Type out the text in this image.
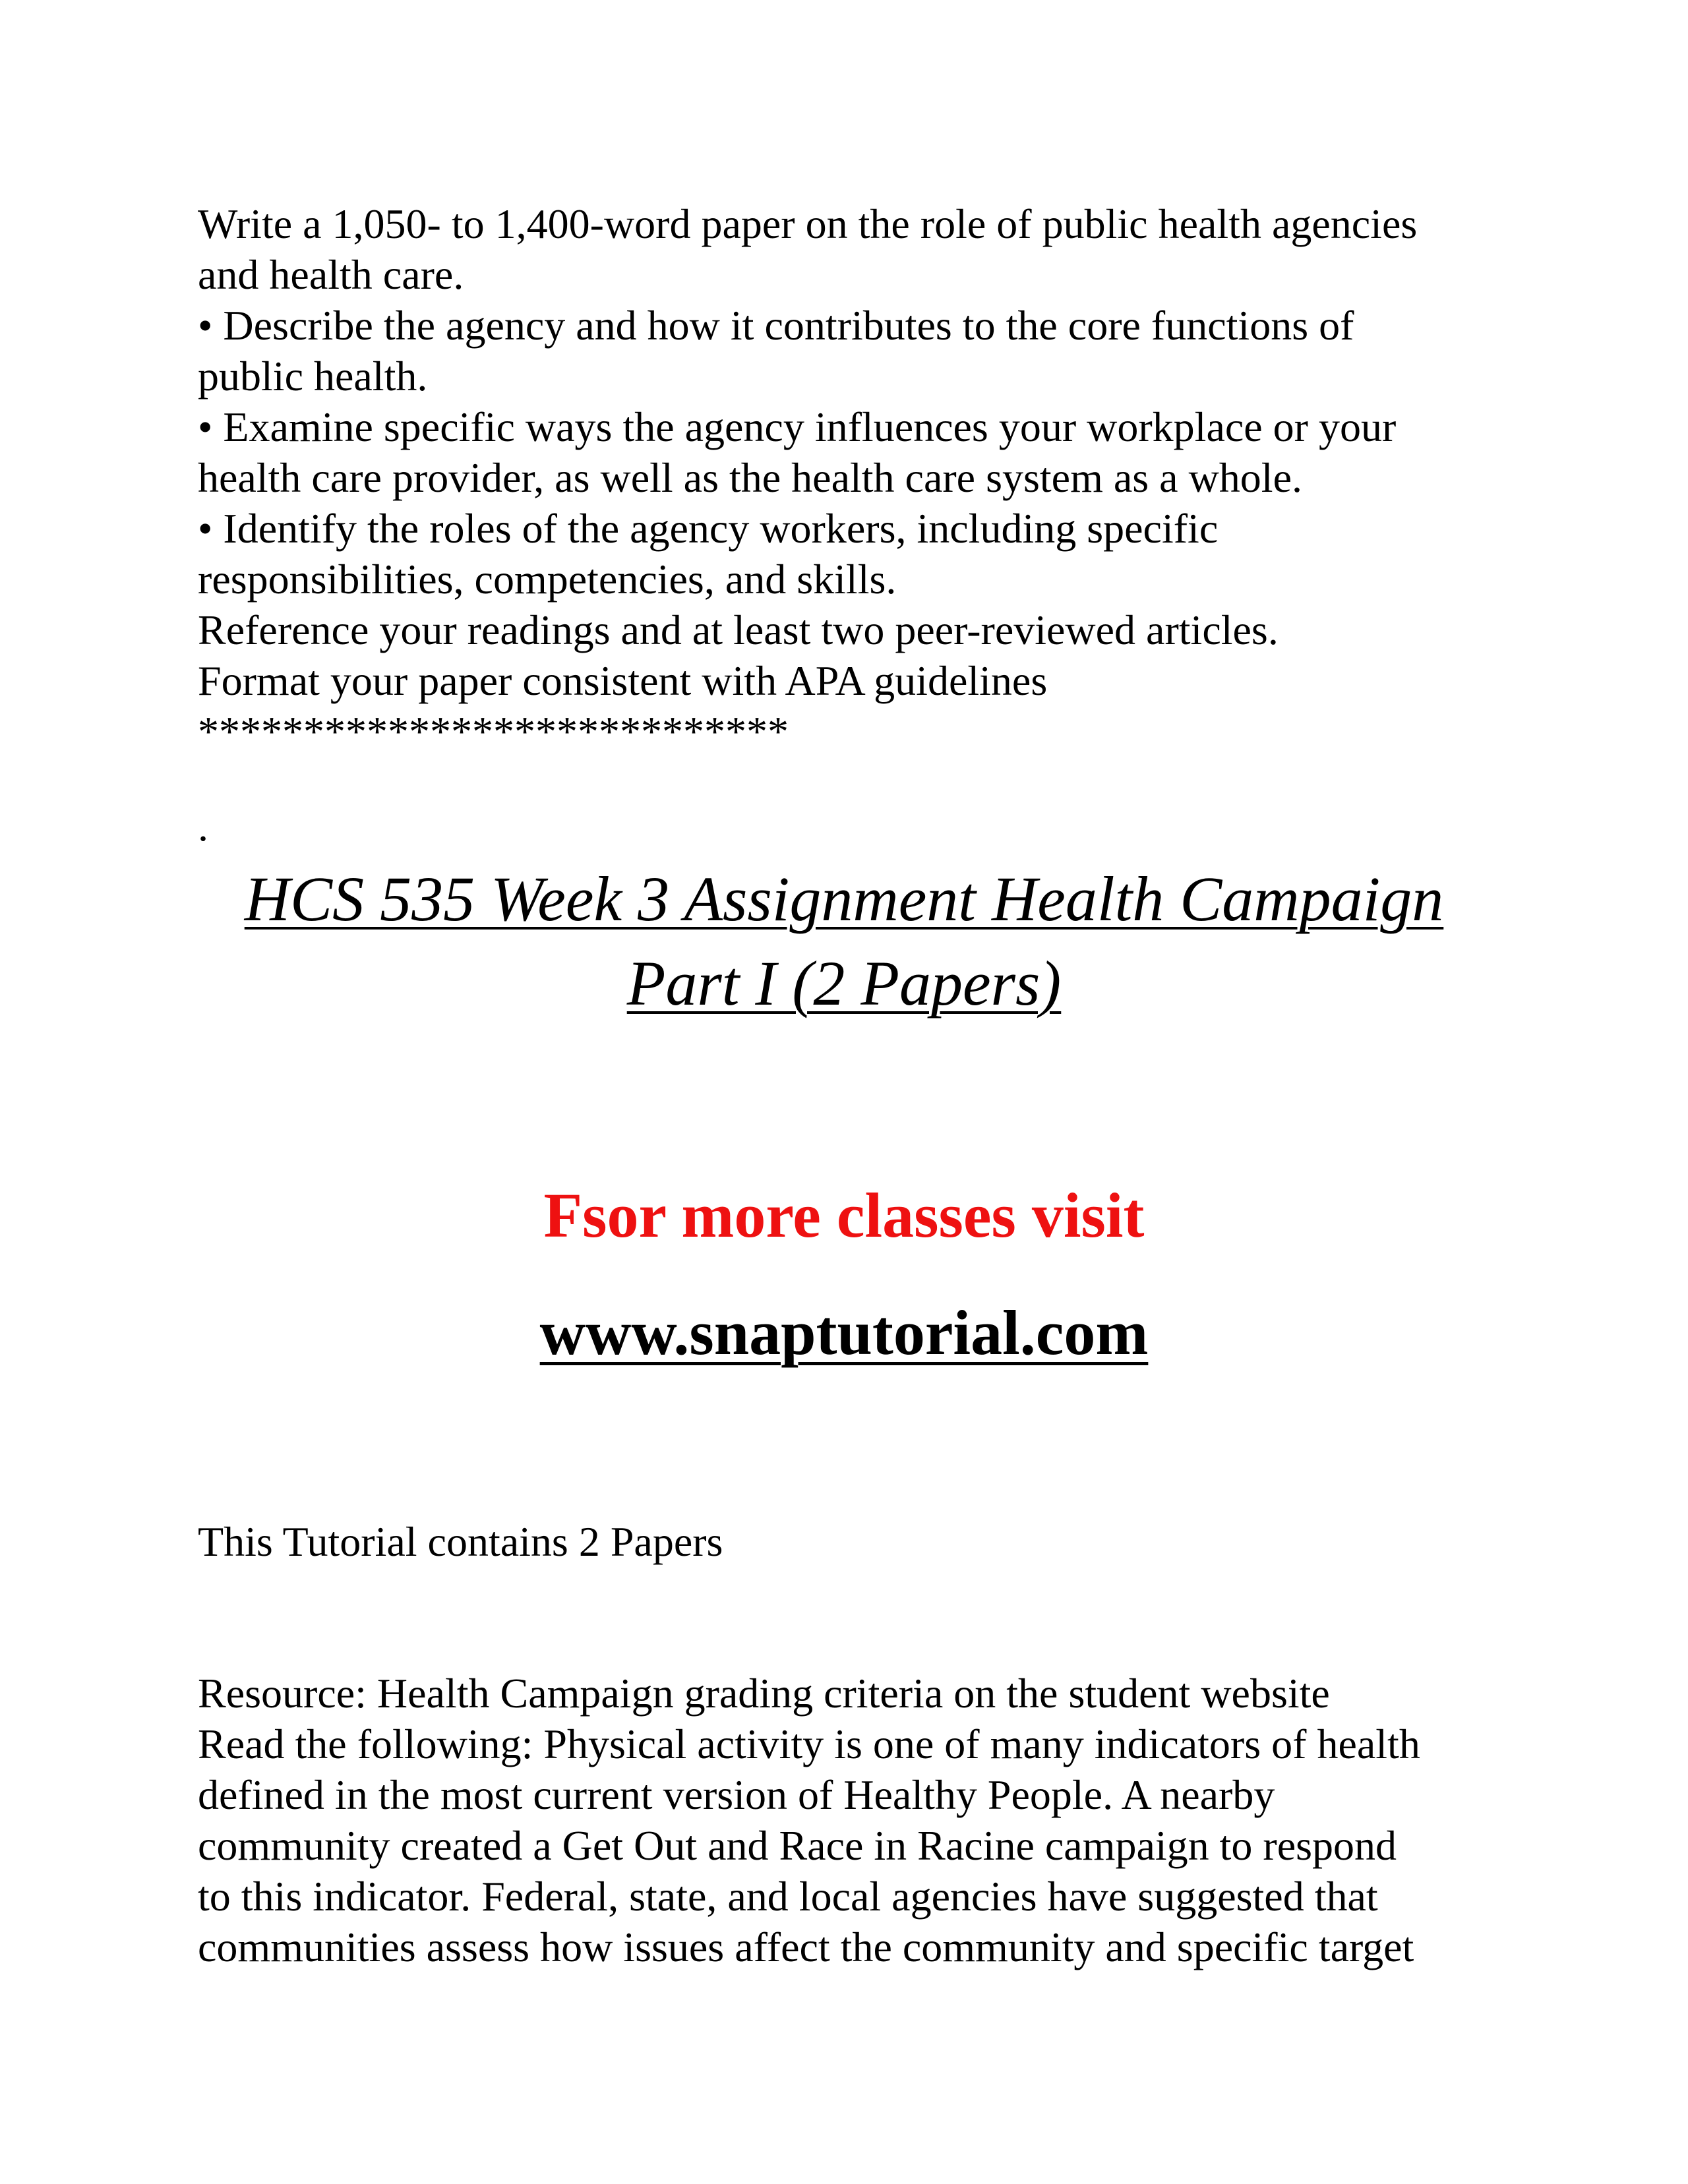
Write a 1,050- to 1,400-word paper on the role of public health agencies
and health care.
• Describe the agency and how it contributes to the core functions of
public health.
• Examine specific ways the agency influences your workplace or your
health care provider, as well as the health care system as a whole.
• Identify the roles of the agency workers, including specific
responsibilities, competencies, and skills.
Reference your readings and at least two peer-reviewed articles.
Format your paper consistent with APA guidelines
****************************
.
HCS 535 Week 3 Assignment Health Campaign
Part I (2 Papers)
Fsor more classes visit
www.snaptutorial.com
This Tutorial contains 2 Papers
Resource: Health Campaign grading criteria on the student website
Read the following: Physical activity is one of many indicators of health
defined in the most current version of Healthy People. A nearby
community created a Get Out and Race in Racine campaign to respond
to this indicator. Federal, state, and local agencies have suggested that
communities assess how issues affect the community and specific target
